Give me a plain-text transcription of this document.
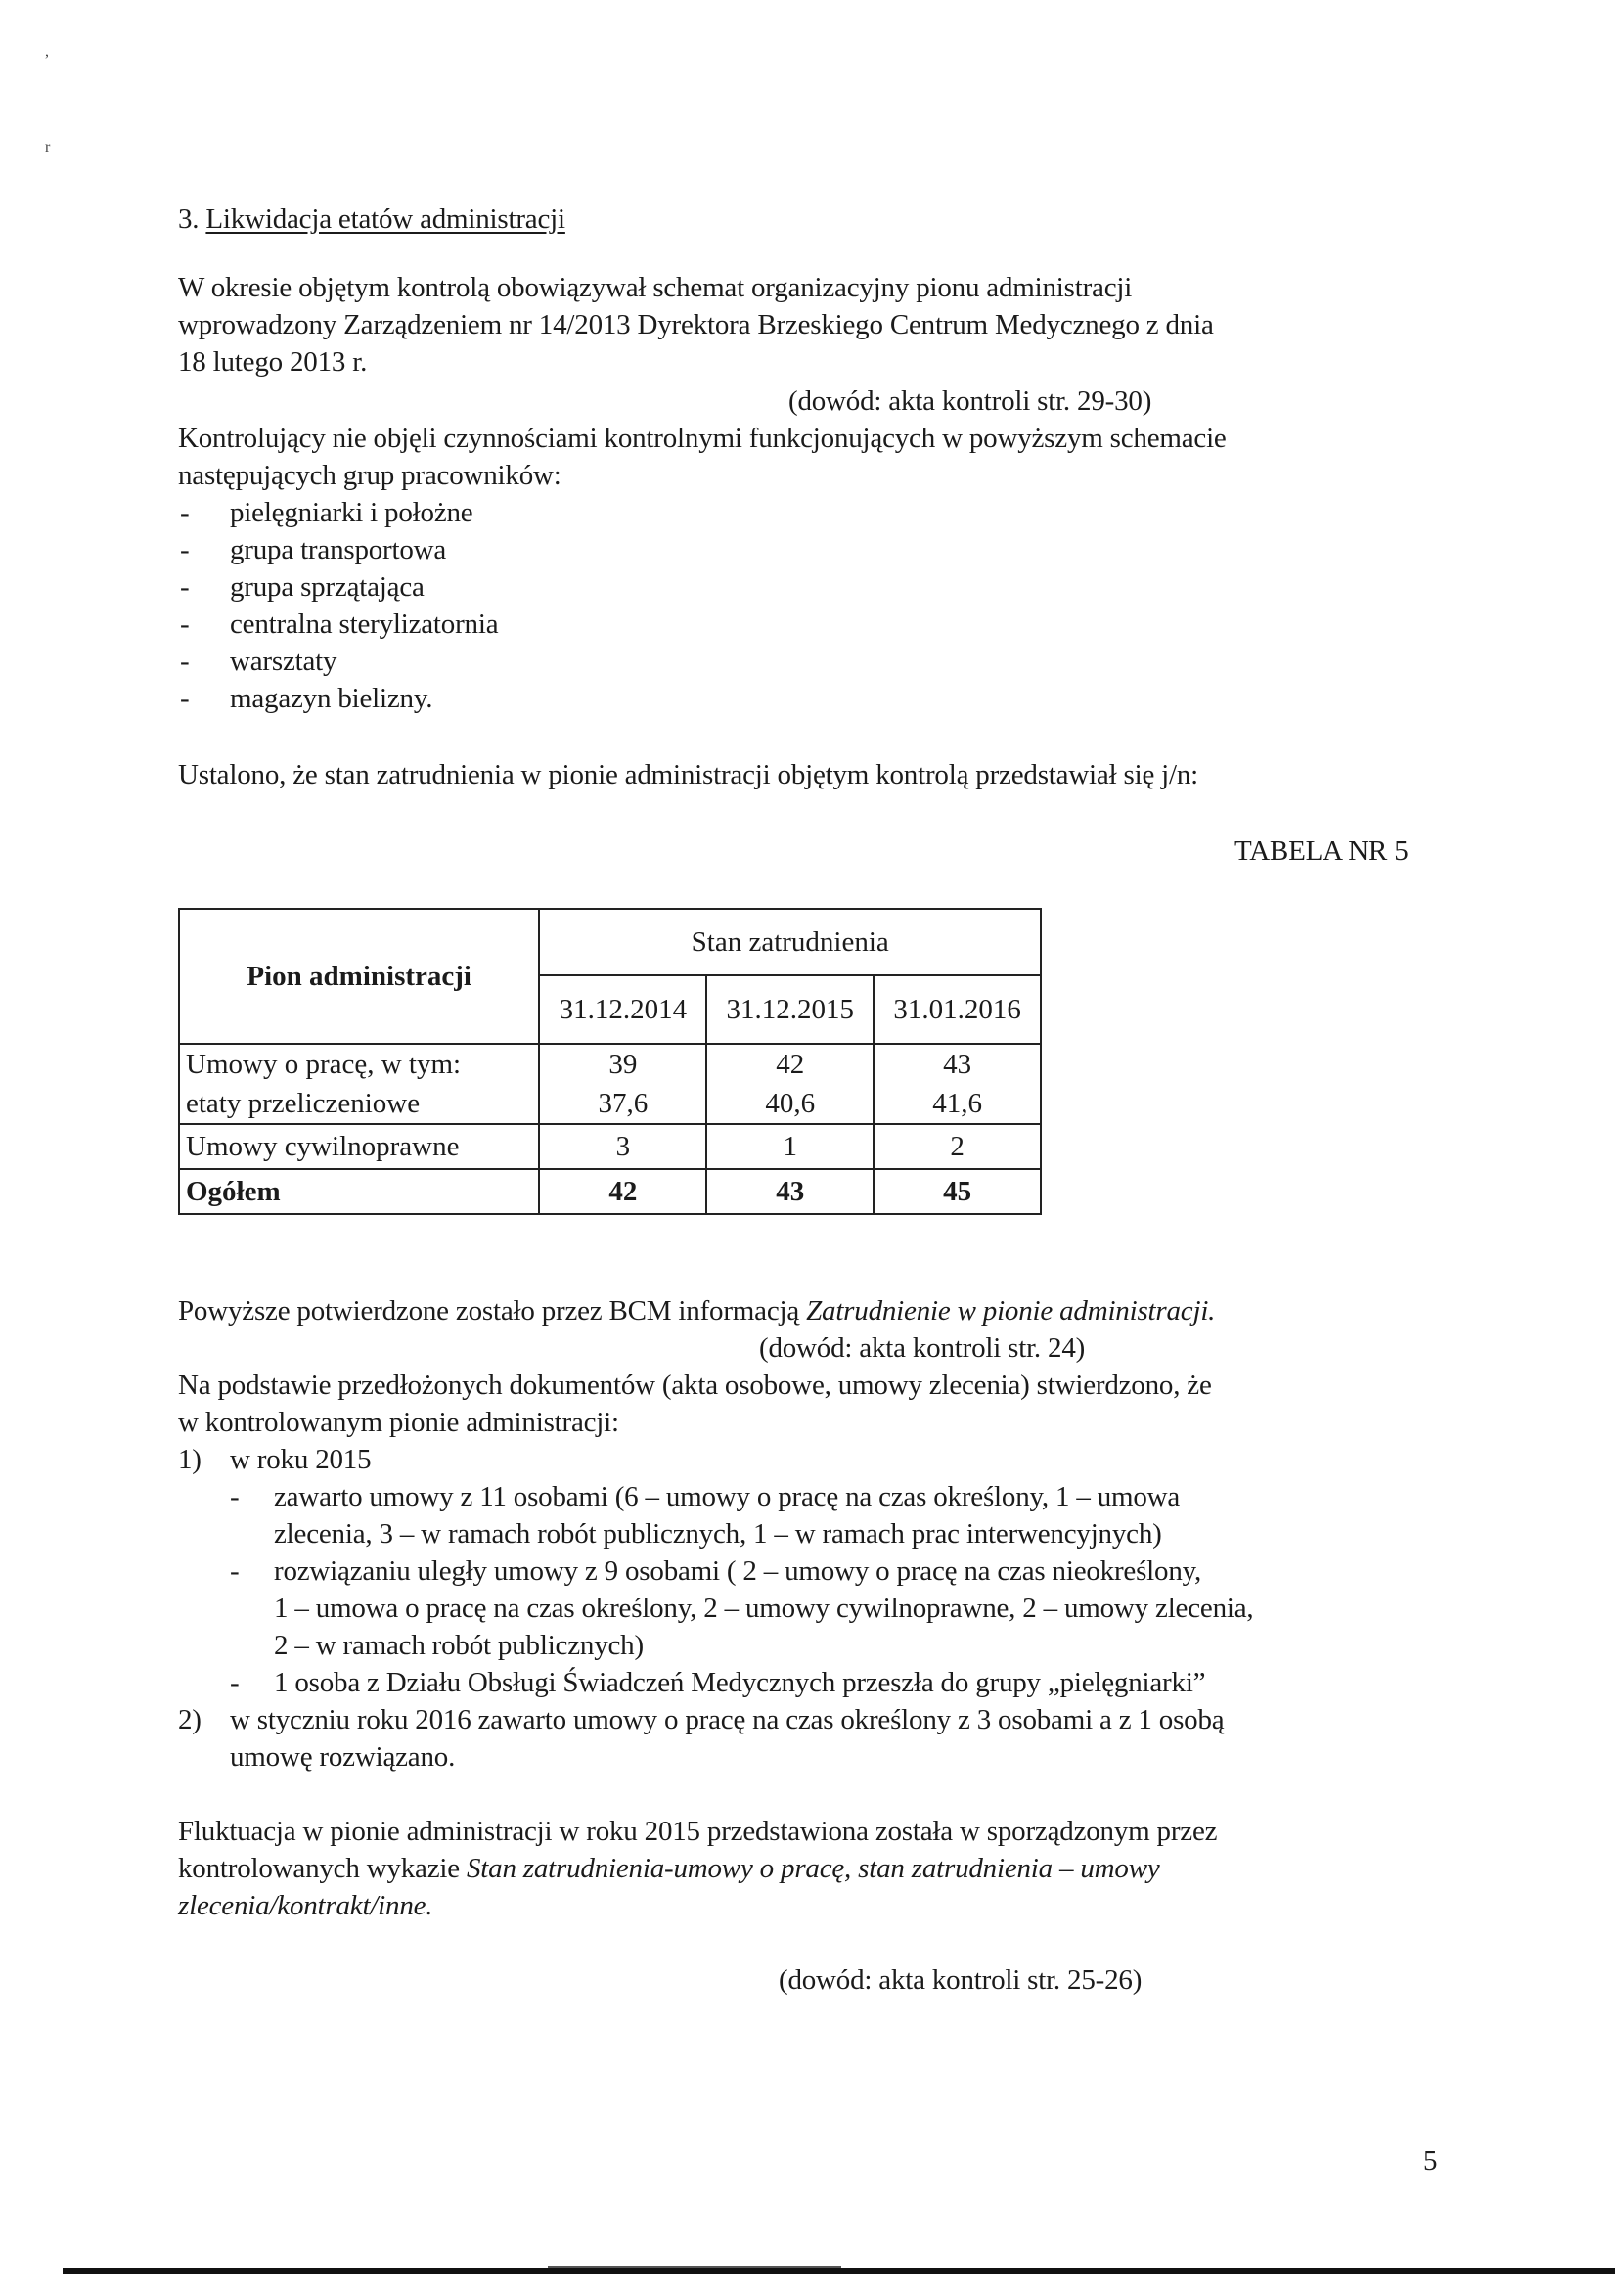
,
r
3. Likwidacja etatów administracji
W okresie objętym kontrolą obowiązywał schemat organizacyjny pionu administracji
wprowadzony Zarządzeniem nr 14/2013 Dyrektora Brzeskiego Centrum Medycznego z dnia
18 lutego 2013 r.
(dowód: akta kontroli str. 29-30)
Kontrolujący nie objęli czynnościami kontrolnymi funkcjonujących w powyższym schemacie
następujących grup pracowników:
- pielęgniarki i położne
- grupa transportowa
- grupa sprzątająca
- centralna sterylizatornia
- warsztaty
- magazyn bielizny.
Ustalono, że stan zatrudnienia w pionie administracji objętym kontrolą przedstawiał się j/n:
TABELA NR 5
Pion administracji	Stan zatrudnienia		
	31.12.2014	31.12.2015	31.01.2016
Umowy o pracę, w tym:	39	42	43
etaty przeliczeniowe	37,6	40,6	41,6
Umowy cywilnoprawne	3	1	2
Ogółem	42	43	45
Powyższe potwierdzone zostało przez BCM informacją Zatrudnienie w pionie administracji.
(dowód: akta kontroli str. 24)
Na podstawie przedłożonych dokumentów (akta osobowe, umowy zlecenia) stwierdzono, że
w kontrolowanym pionie administracji:
1) w roku 2015
- zawarto umowy z 11 osobami (6 – umowy o pracę na czas określony, 1 – umowa
zlecenia, 3 – w ramach robót publicznych, 1 – w ramach prac interwencyjnych)
- rozwiązaniu uległy umowy z 9 osobami ( 2 – umowy o pracę na czas nieokreślony,
1 – umowa o pracę na czas określony, 2 – umowy cywilnoprawne, 2 – umowy zlecenia,
2 – w ramach robót publicznych)
- 1 osoba z Działu Obsługi Świadczeń Medycznych przeszła do grupy „pielęgniarki”
2) w styczniu roku 2016 zawarto umowy o pracę na czas określony z 3 osobami a z 1 osobą
umowę rozwiązano.
Fluktuacja w pionie administracji w roku 2015 przedstawiona została w sporządzonym przez
kontrolowanych wykazie Stan zatrudnienia-umowy o pracę, stan zatrudnienia – umowy
zlecenia/kontrakt/inne.
(dowód: akta kontroli str. 25-26)
5
